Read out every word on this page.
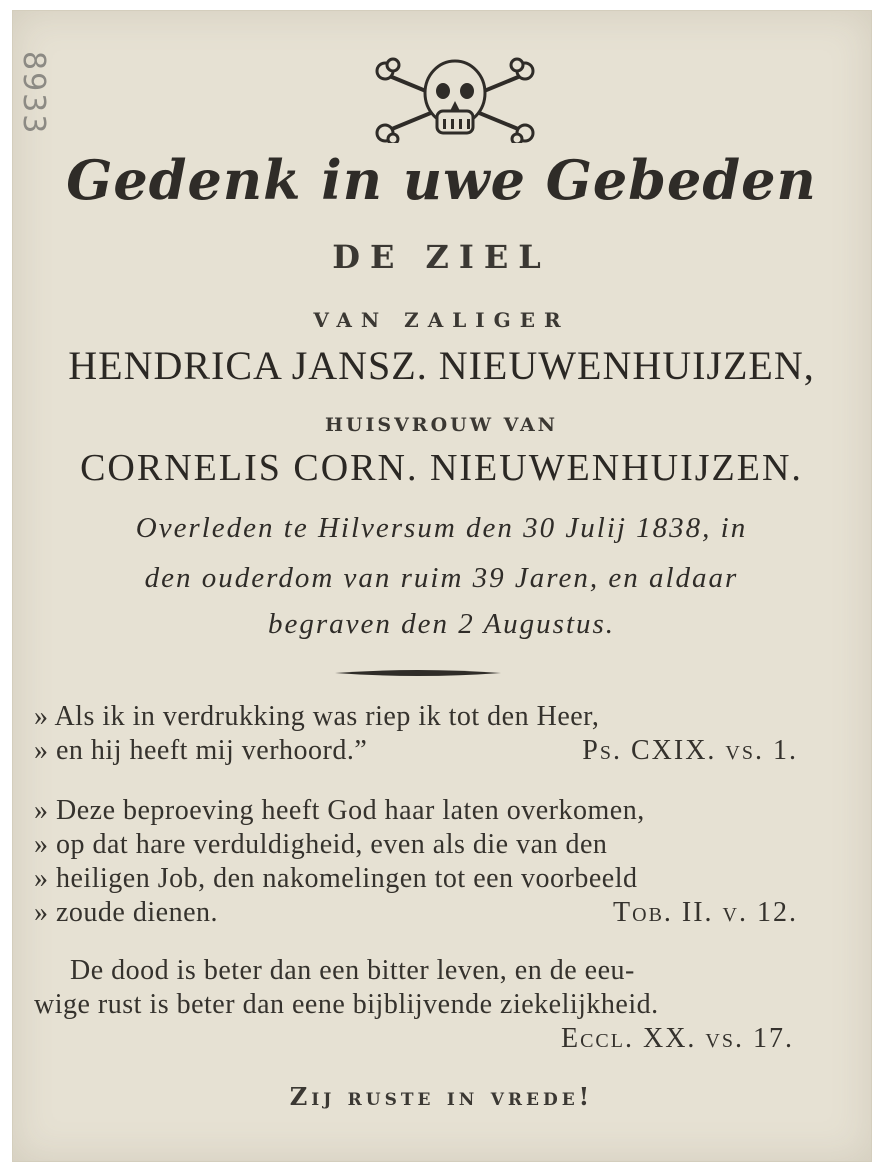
8933
Gedenk in uwe Gebeden
DE ZIEL
VAN ZALIGER
HENDRICA JANSZ. NIEUWENHUIJZEN,
HUISVROUW VAN
CORNELIS CORN. NIEUWENHUIJZEN.
Overleden te Hilversum den 30 Julij 1838, in
den ouderdom van ruim 39 Jaren, en aldaar
begraven den 2 Augustus.
» Als ik in verdrukking was riep ik tot den Heer,
» en hij heeft mij verhoord.”	Ps. CXIX. vs. 1.
» Deze beproeving heeft God haar laten overkomen,
» op dat hare verduldigheid, even als die van den
» heiligen Job, den nakomelingen tot een voorbeeld
» zoude dienen.	Tob. II. v. 12.
De dood is beter dan een bitter leven, en de eeu-
wige rust is beter dan eene bijblijvende ziekelijkheid.
Eccl. XX. vs. 17.
Zij ruste in vrede!
